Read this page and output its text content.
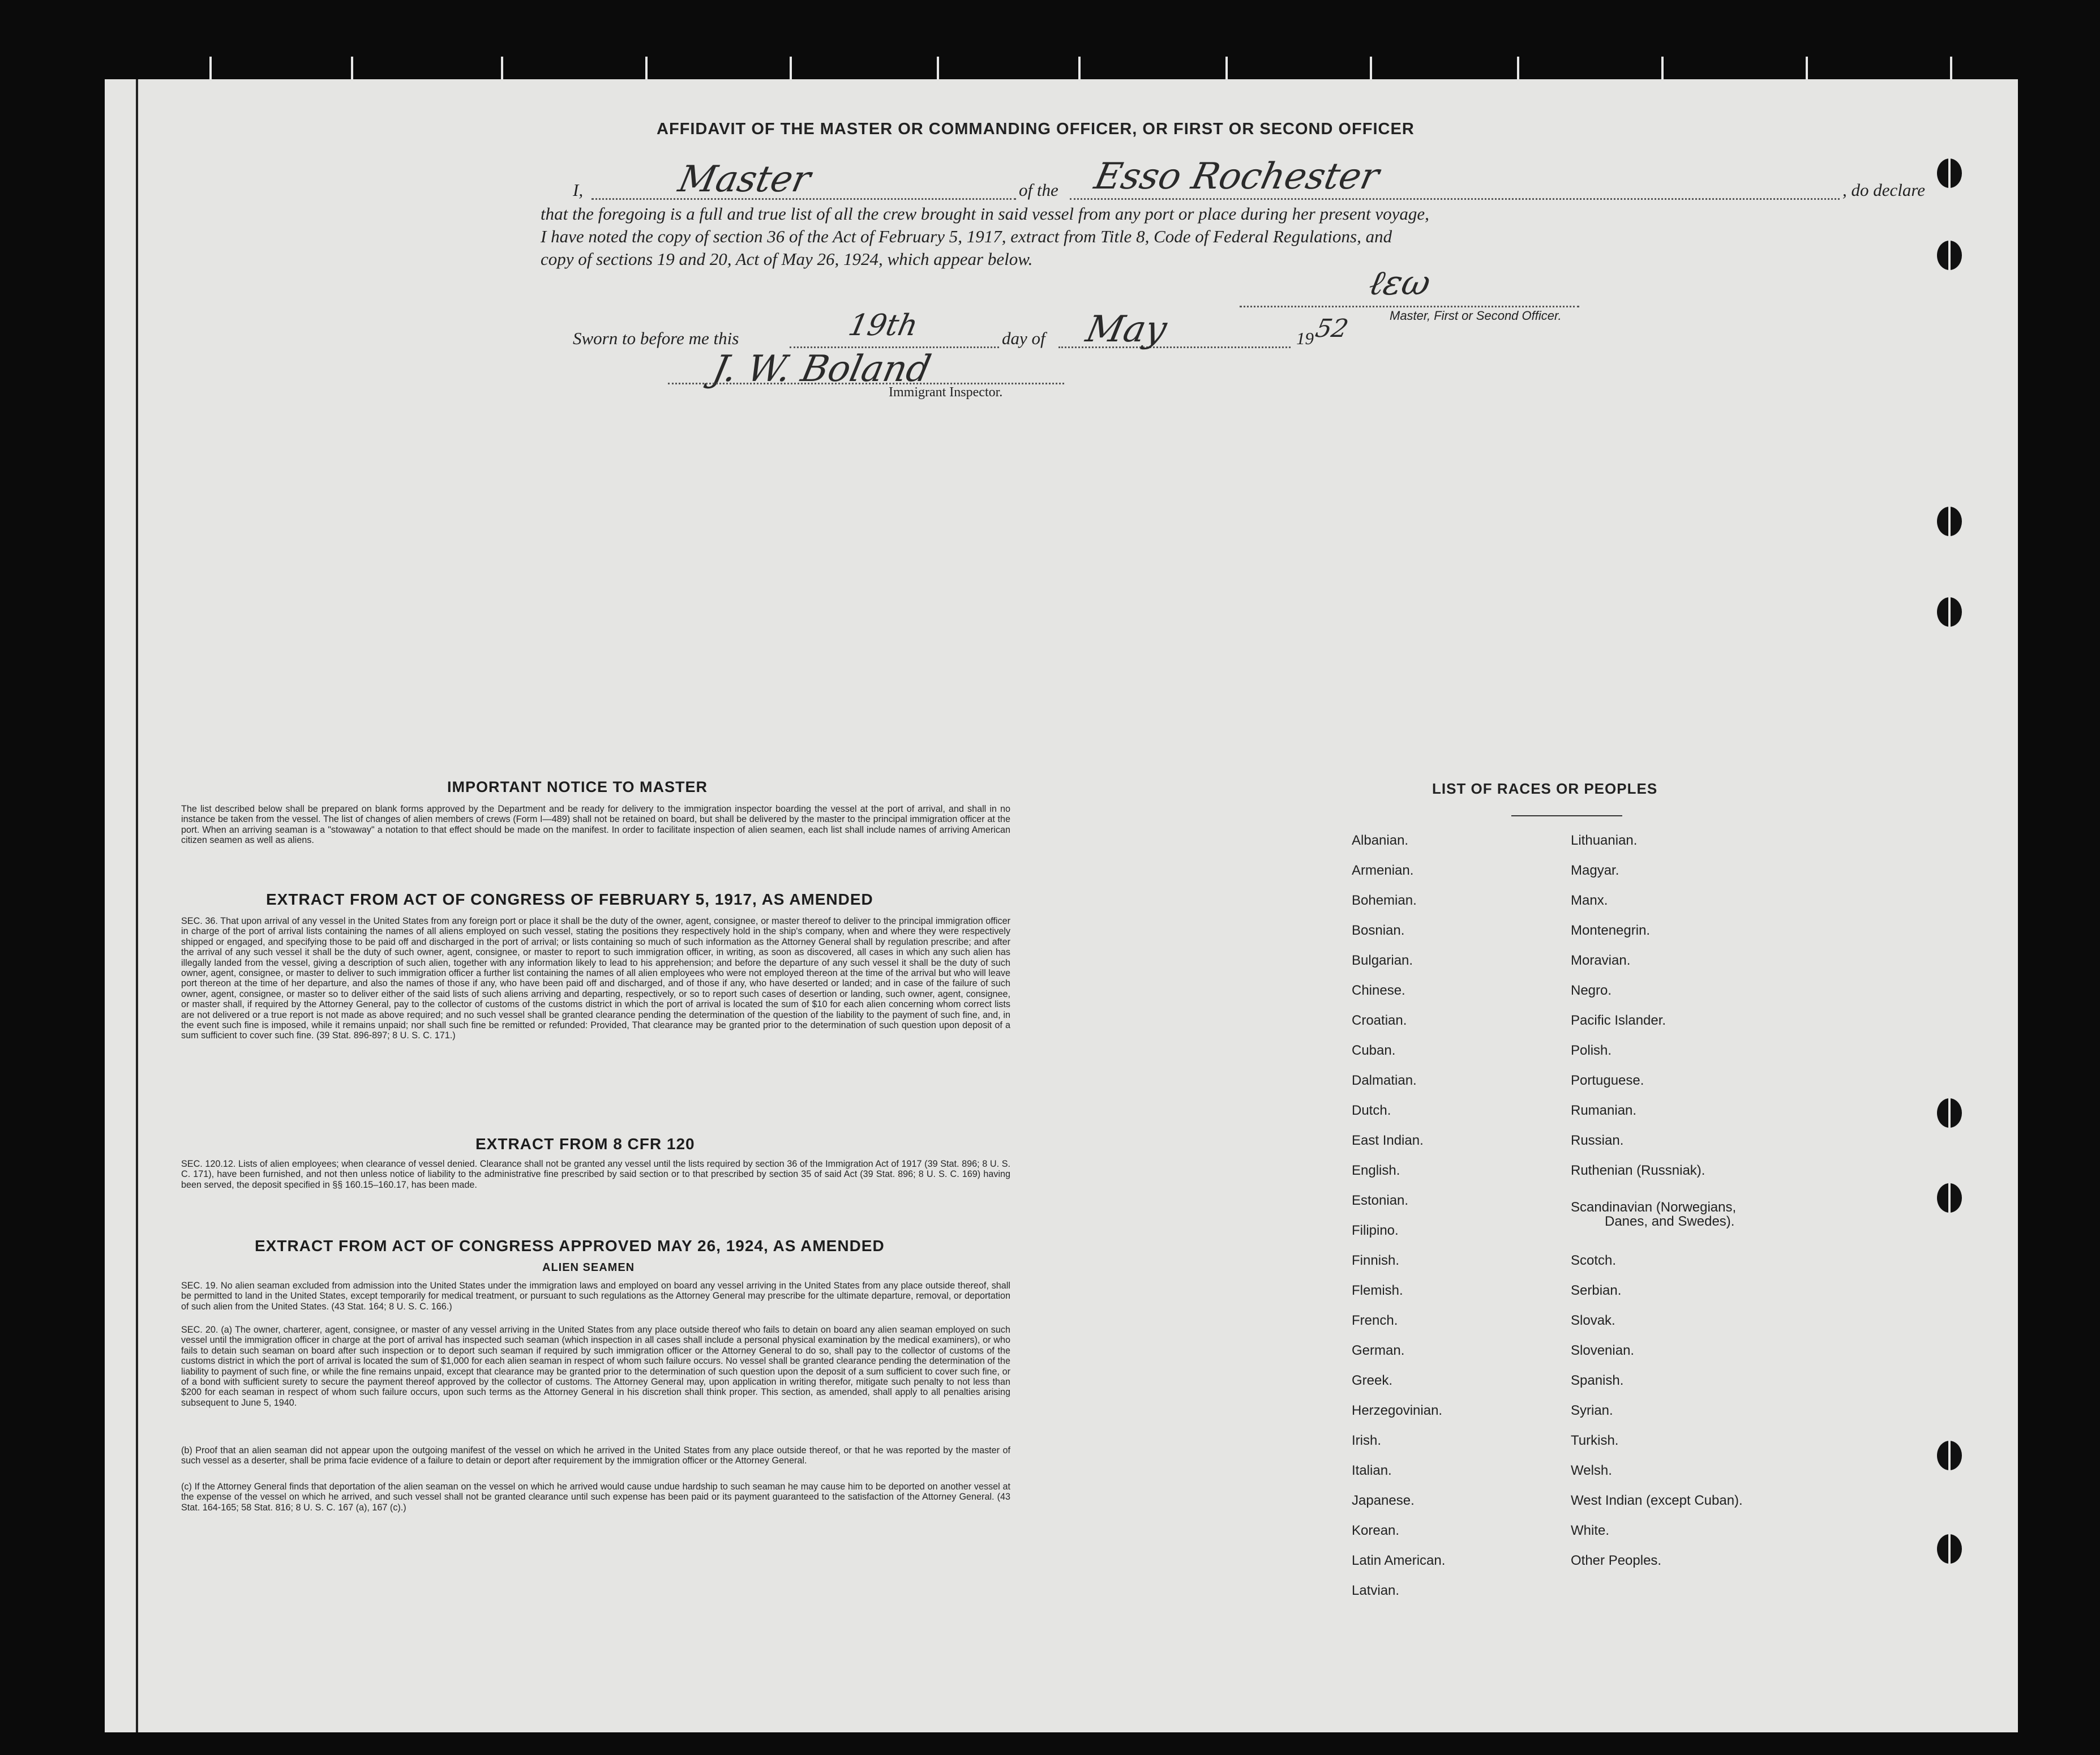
AFFIDAVIT OF THE MASTER OR COMMANDING OFFICER, OR FIRST OR SECOND OFFICER
I,	Master	of the Esso Rochester	, do declare
that the foregoing is a full and true list of all the crew brought in said vessel from any port or place during her present voyage,
I have noted the copy of section 36 of the Act of February 5, 1917, extract from Title 8, Code of Federal Regulations, and
copy of sections 19 and 20, Act of May 26, 1924, which appear below.
ℓεω
Master, First or Second Officer.
Sworn to before me this	19th	day of May	19
52
J. W. Boland
Immigrant Inspector.
IMPORTANT NOTICE TO MASTER
The list described below shall be prepared on blank forms approved by the Department and be ready for delivery to the immigration inspector boarding the vessel at the port of arrival, and shall in no instance be taken from the vessel. The list of changes of alien members of crews (Form I—489) shall not be retained on board, but shall be delivered by the master to the principal immigration officer at the port. When an arriving seaman is a "stowaway" a notation to that effect should be made on the manifest. In order to facilitate inspection of alien seamen, each list shall include names of arriving American citizen seamen as well as aliens.
EXTRACT FROM ACT OF CONGRESS OF FEBRUARY 5, 1917, AS AMENDED
SEC. 36. That upon arrival of any vessel in the United States from any foreign port or place it shall be the duty of the owner, agent, consignee, or master thereof to deliver to the principal immigration officer in charge of the port of arrival lists containing the names of all aliens employed on such vessel, stating the positions they respectively hold in the ship's company, when and where they were respectively shipped or engaged, and specifying those to be paid off and discharged in the port of arrival; or lists containing so much of such information as the Attorney General shall by regulation prescribe; and after the arrival of any such vessel it shall be the duty of such owner, agent, consignee, or master to report to such immigration officer, in writing, as soon as discovered, all cases in which any such alien has illegally landed from the vessel, giving a description of such alien, together with any information likely to lead to his apprehension; and before the departure of any such vessel it shall be the duty of such owner, agent, consignee, or master to deliver to such immigration officer a further list containing the names of all alien employees who were not employed thereon at the time of the arrival but who will leave port thereon at the time of her departure, and also the names of those if any, who have been paid off and discharged, and of those if any, who have deserted or landed; and in case of the failure of such owner, agent, consignee, or master so to deliver either of the said lists of such aliens arriving and departing, respectively, or so to report such cases of desertion or landing, such owner, agent, consignee, or master shall, if required by the Attorney General, pay to the collector of customs of the customs district in which the port of arrival is located the sum of $10 for each alien concerning whom correct lists are not delivered or a true report is not made as above required; and no such vessel shall be granted clearance pending the determination of the question of the liability to the payment of such fine, and, in the event such fine is imposed, while it remains unpaid; nor shall such fine be remitted or refunded: Provided, That clearance may be granted prior to the determination of such question upon deposit of a sum sufficient to cover such fine. (39 Stat. 896-897; 8 U. S. C. 171.)
EXTRACT FROM 8 CFR 120
SEC. 120.12. Lists of alien employees; when clearance of vessel denied. Clearance shall not be granted any vessel until the lists required by section 36 of the Immigration Act of 1917 (39 Stat. 896; 8 U. S. C. 171), have been furnished, and not then unless notice of liability to the administrative fine prescribed by said section or to that prescribed by section 35 of said Act (39 Stat. 896; 8 U. S. C. 169) having been served, the deposit specified in §§ 160.15–160.17, has been made.
EXTRACT FROM ACT OF CONGRESS APPROVED MAY 26, 1924, AS AMENDED
ALIEN SEAMEN
SEC. 19. No alien seaman excluded from admission into the United States under the immigration laws and employed on board any vessel arriving in the United States from any place outside thereof, shall be permitted to land in the United States, except temporarily for medical treatment, or pursuant to such regulations as the Attorney General may prescribe for the ultimate departure, removal, or deportation of such alien from the United States. (43 Stat. 164; 8 U. S. C. 166.)
SEC. 20. (a) The owner, charterer, agent, consignee, or master of any vessel arriving in the United States from any place outside thereof who fails to detain on board any alien seaman employed on such vessel until the immigration officer in charge at the port of arrival has inspected such seaman (which inspection in all cases shall include a personal physical examination by the medical examiners), or who fails to detain such seaman on board after such inspection or to deport such seaman if required by such immigration officer or the Attorney General to do so, shall pay to the collector of customs of the customs district in which the port of arrival is located the sum of $1,000 for each alien seaman in respect of whom such failure occurs. No vessel shall be granted clearance pending the determination of the liability to payment of such fine, or while the fine remains unpaid, except that clearance may be granted prior to the determination of such question upon the deposit of a sum sufficient to cover such fine, or of a bond with sufficient surety to secure the payment thereof approved by the collector of customs. The Attorney General may, upon application in writing therefor, mitigate such penalty to not less than $200 for each seaman in respect of whom such failure occurs, upon such terms as the Attorney General in his discretion shall think proper. This section, as amended, shall apply to all penalties arising subsequent to June 5, 1940.
(b) Proof that an alien seaman did not appear upon the outgoing manifest of the vessel on which he arrived in the United States from any place outside thereof, or that he was reported by the master of such vessel as a deserter, shall be prima facie evidence of a failure to detain or deport after requirement by the immigration officer or the Attorney General.
(c) If the Attorney General finds that deportation of the alien seaman on the vessel on which he arrived would cause undue hardship to such seaman he may cause him to be deported on another vessel at the expense of the vessel on which he arrived, and such vessel shall not be granted clearance until such expense has been paid or its payment guaranteed to the satisfaction of the Attorney General. (43 Stat. 164-165; 58 Stat. 816; 8 U. S. C. 167 (a), 167 (c).)
LIST OF RACES OR PEOPLES
Albanian.
Armenian.
Bohemian.
Bosnian.
Bulgarian.
Chinese.
Croatian.
Cuban.
Dalmatian.
Dutch.
East Indian.
English.
Estonian.
Filipino.
Finnish.
Flemish.
French.
German.
Greek.
Herzegovinian.
Irish.
Italian.
Japanese.
Korean.
Latin American.
Latvian.
Lithuanian.
Magyar.
Manx.
Montenegrin.
Moravian.
Negro.
Pacific Islander.
Polish.
Portuguese.
Rumanian.
Russian.
Ruthenian (Russniak).
Scandinavian (Norwegians,
Danes, and Swedes).
Scotch.
Serbian.
Slovak.
Slovenian.
Spanish.
Syrian.
Turkish.
Welsh.
West Indian (except Cuban).
White.
Other Peoples.
